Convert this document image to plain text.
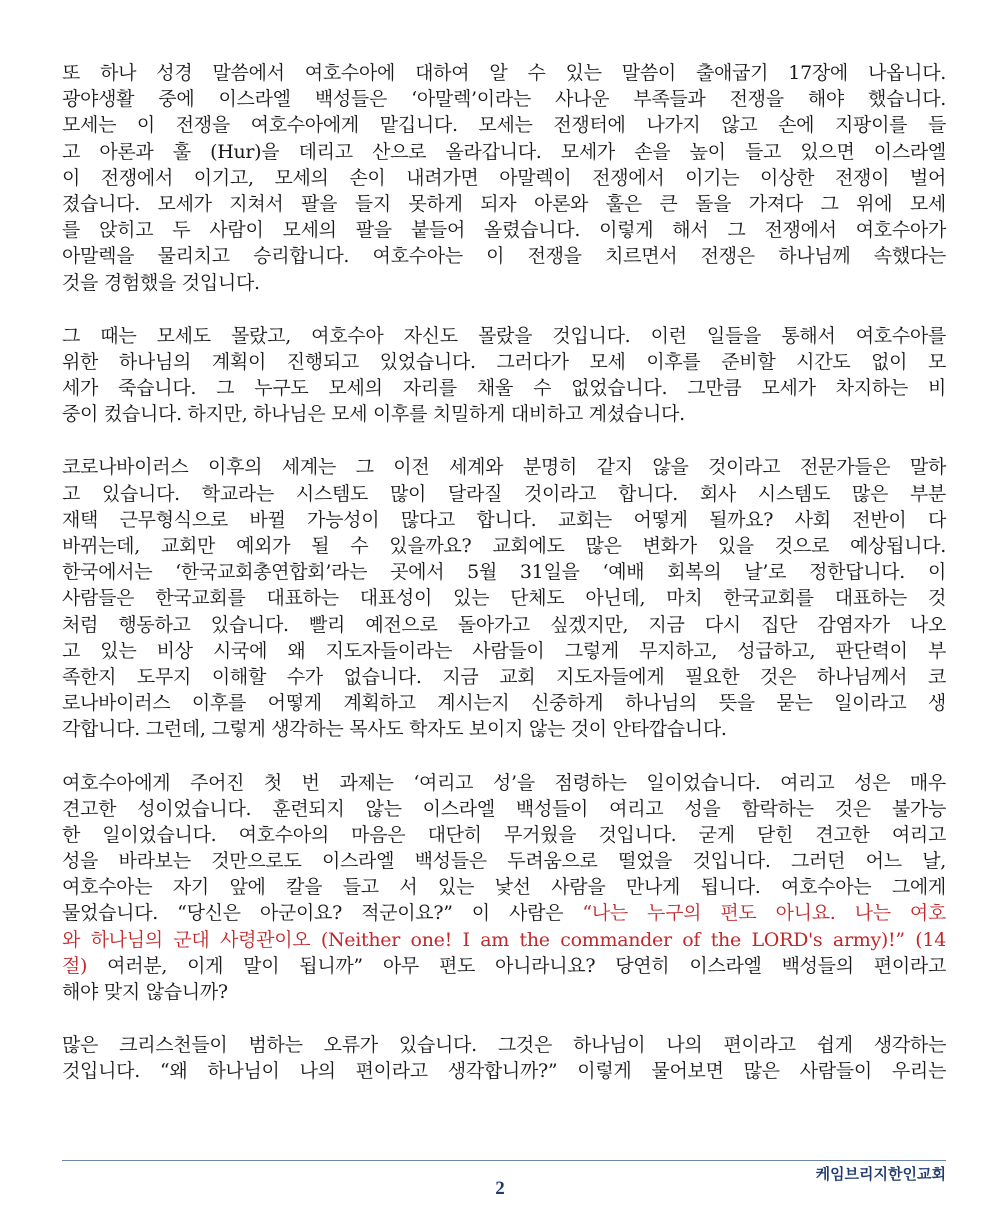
또 하나 성경 말씀에서 여호수아에 대하여 알 수 있는 말씀이 출애굽기 17장에 나옵니다.
광야생활 중에 이스라엘 백성들은 ‘아말렉’이라는 사나운 부족들과 전쟁을 해야 했습니다.
모세는 이 전쟁을 여호수아에게 맡깁니다. 모세는 전쟁터에 나가지 않고 손에 지팡이를 들
고 아론과 훌 (Hur)을 데리고 산으로 올라갑니다. 모세가 손을 높이 들고 있으면 이스라엘
이 전쟁에서 이기고, 모세의 손이 내려가면 아말렉이 전쟁에서 이기는 이상한 전쟁이 벌어
졌습니다. 모세가 지쳐서 팔을 들지 못하게 되자 아론와 훌은 큰 돌을 가져다 그 위에 모세
를 앉히고 두 사람이 모세의 팔을 붙들어 올렸습니다. 이렇게 해서 그 전쟁에서 여호수아가
아말렉을 물리치고 승리합니다. 여호수아는 이 전쟁을 치르면서 전쟁은 하나님께 속했다는
것을 경험했을 것입니다.
그 때는 모세도 몰랐고, 여호수아 자신도 몰랐을 것입니다. 이런 일들을 통해서 여호수아를
위한 하나님의 계획이 진행되고 있었습니다. 그러다가 모세 이후를 준비할 시간도 없이 모
세가 죽습니다. 그 누구도 모세의 자리를 채울 수 없었습니다. 그만큼 모세가 차지하는 비
중이 컸습니다. 하지만, 하나님은 모세 이후를 치밀하게 대비하고 계셨습니다.
코로나바이러스 이후의 세계는 그 이전 세계와 분명히 같지 않을 것이라고 전문가들은 말하
고 있습니다. 학교라는 시스템도 많이 달라질 것이라고 합니다. 회사 시스템도 많은 부분
재택 근무형식으로 바뀔 가능성이 많다고 합니다. 교회는 어떻게 될까요? 사회 전반이 다
바뀌는데, 교회만 예외가 될 수 있을까요? 교회에도 많은 변화가 있을 것으로 예상됩니다.
한국에서는 ‘한국교회총연합회’라는 곳에서 5월 31일을 ‘예배 회복의 날’로 정한답니다. 이
사람들은 한국교회를 대표하는 대표성이 있는 단체도 아닌데, 마치 한국교회를 대표하는 것
처럼 행동하고 있습니다. 빨리 예전으로 돌아가고 싶겠지만, 지금 다시 집단 감염자가 나오
고 있는 비상 시국에 왜 지도자들이라는 사람들이 그렇게 무지하고, 성급하고, 판단력이 부
족한지 도무지 이해할 수가 없습니다. 지금 교회 지도자들에게 필요한 것은 하나님께서 코
로나바이러스 이후를 어떻게 계획하고 계시는지 신중하게 하나님의 뜻을 묻는 일이라고 생
각합니다. 그런데, 그렇게 생각하는 목사도 학자도 보이지 않는 것이 안타깝습니다.
여호수아에게 주어진 첫 번 과제는 ‘여리고 성’을 점령하는 일이었습니다. 여리고 성은 매우
견고한 성이었습니다. 훈련되지 않는 이스라엘 백성들이 여리고 성을 함락하는 것은 불가능
한 일이었습니다. 여호수아의 마음은 대단히 무거웠을 것입니다. 굳게 닫힌 견고한 여리고
성을 바라보는 것만으로도 이스라엘 백성들은 두려움으로 떨었을 것입니다. 그러던 어느 날,
여호수아는 자기 앞에 칼을 들고 서 있는 낯선 사람을 만나게 됩니다. 여호수아는 그에게
물었습니다. “당신은 아군이요? 적군이요?” 이 사람은 “나는 누구의 편도 아니요. 나는 여호
와 하나님의 군대 사령관이오 (Neither one! I am the commander of the LORD's army)!” (14
절) 여러분, 이게 말이 됩니까” 아무 편도 아니라니요? 당연히 이스라엘 백성들의 편이라고
해야 맞지 않습니까?
많은 크리스천들이 범하는 오류가 있습니다. 그것은 하나님이 나의 편이라고 쉽게 생각하는
것입니다. “왜 하나님이 나의 편이라고 생각합니까?” 이렇게 물어보면 많은 사람들이 우리는
케임브리지한인교회
2
